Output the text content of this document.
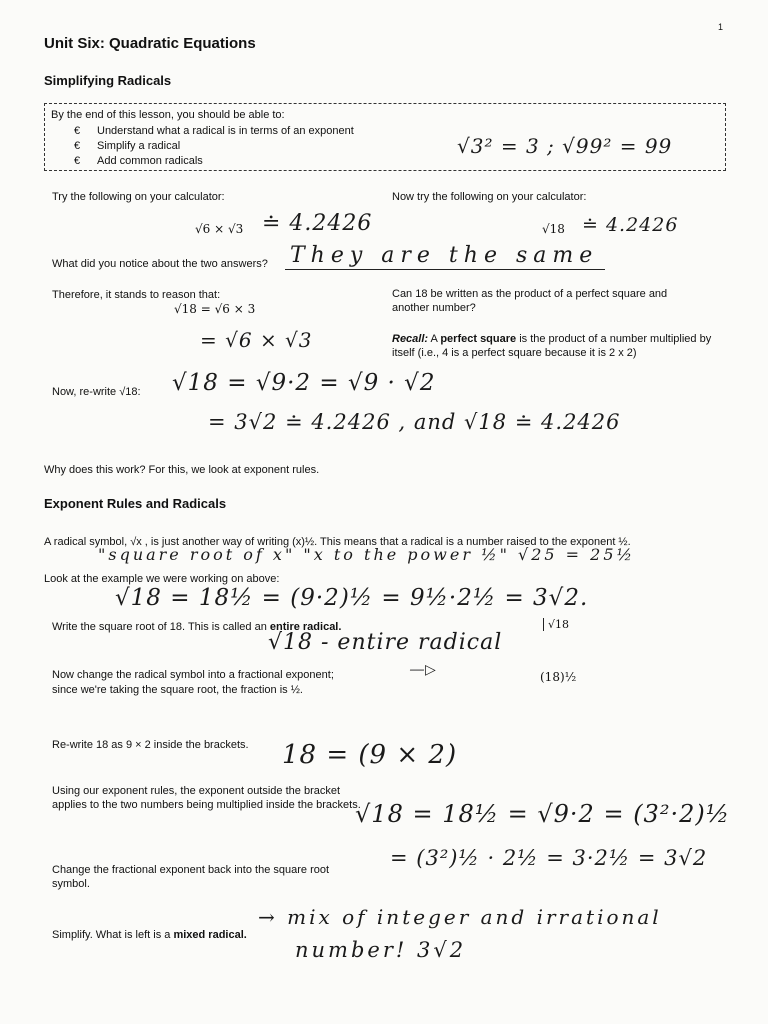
1
Unit Six: Quadratic Equations
Simplifying Radicals
By the end of this lesson, you should be able to:
€ Understand what a radical is in terms of an exponent
€ Simplify a radical
€ Add common radicals
√3² = 3 ; √99² = 99
Try the following on your calculator:	Now try the following on your calculator:
√6 × √3 ≐ 4.2426	√18 ≐ 4.2426
What did you notice about the two answers? They are the same
Therefore, it stands to reason that:
√18 = √6 × 3
= √6 × √3
Can 18 be written as the product of a perfect square and another number?
Recall: A perfect square is the product of a number multiplied by itself (i.e., 4 is a perfect square because it is 2 x 2)
Now, re-write √18: √18 = √9·2 = √9 · √2
= 3√2 ≐ 4.2426 , and √18 ≐ 4.2426
Why does this work? For this, we look at exponent rules.
Exponent Rules and Radicals
A radical symbol, √x , is just another way of writing (x)½. This means that a radical is a number raised to the exponent ½.
"square root of x" "x to the power ½" √25 = 25½
Look at the example we were working on above:
√18 = 18½ = (9·2)½ = 9½·2½ = 3√2.
Write the square root of 18. This is called an entire radical.	√18
√18 - entire radical
Now change the radical symbol into a fractional exponent;
since we're taking the square root, the fraction is ½.
―▷	(18)½
Re-write 18 as 9 × 2 inside the brackets. 18 = (9 × 2)
Using our exponent rules, the exponent outside the bracket applies to the two numbers being multiplied inside the brackets.
√18 = 18½ = √9·2 = (3²·2)½
Change the fractional exponent back into the square root symbol.
= (3²)½ · 2½ = 3·2½ = 3√2
Simplify. What is left is a mixed radical.
→ mix of integer and irrational
number! 3√2
